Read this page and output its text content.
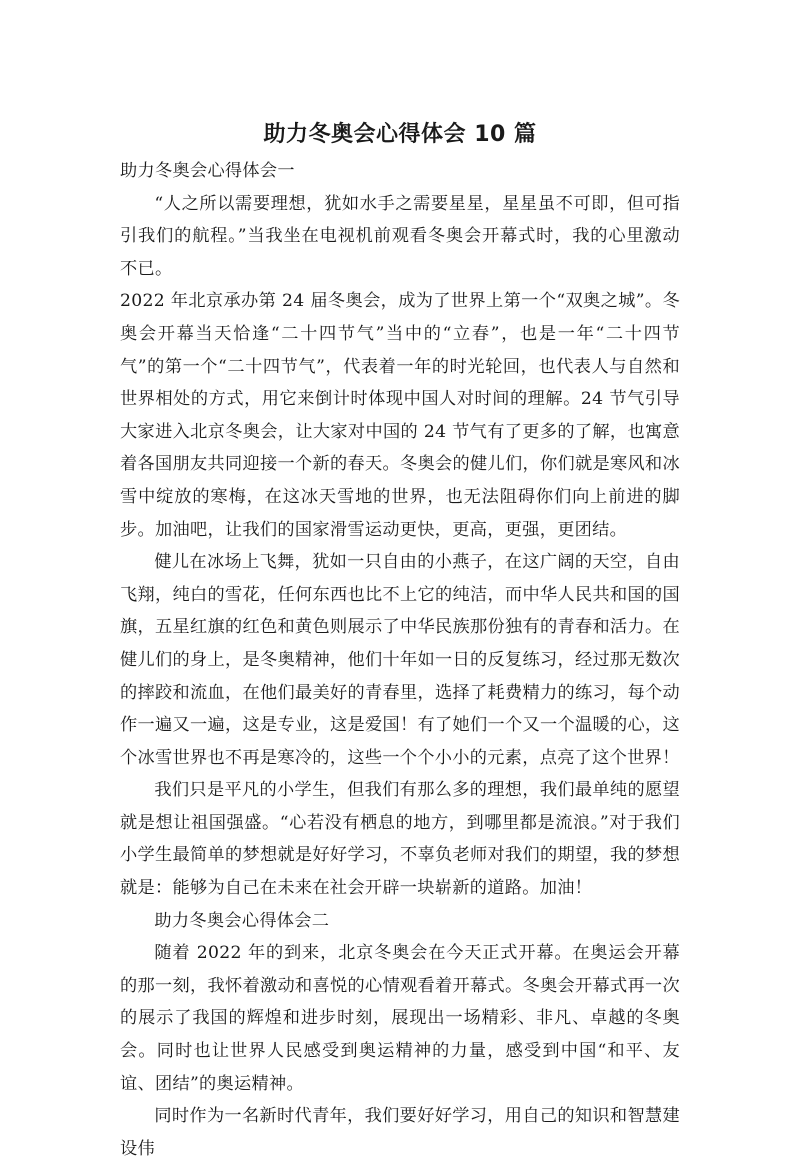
助力冬奥会心得体会 10 篇

助力冬奥会心得体会一

“人之所以需要理想，犹如水手之需要星星，星星虽不可即，但可指引我们的航程。”当我坐在电视机前观看冬奥会开幕式时，我的心里激动不已。

2022 年北京承办第 24 届冬奥会，成为了世界上第一个“双奥之城”。冬奥会开幕当天恰逢“二十四节气”当中的“立春”，也是一年“二十四节气”的第一个“二十四节气”，代表着一年的时光轮回，也代表人与自然和世界相处的方式，用它来倒计时体现中国人对时间的理解。24 节气引导大家进入北京冬奥会，让大家对中国的 24 节气有了更多的了解，也寓意着各国朋友共同迎接一个新的春天。冬奥会的健儿们，你们就是寒风和冰雪中绽放的寒梅，在这冰天雪地的世界，也无法阻碍你们向上前进的脚步。加油吧，让我们的国家滑雪运动更快，更高，更强，更团结。

健儿在冰场上飞舞，犹如一只自由的小燕子，在这广阔的天空，自由飞翔，纯白的雪花，任何东西也比不上它的纯洁，而中华人民共和国的国旗，五星红旗的红色和黄色则展示了中华民族那份独有的青春和活力。在健儿们的身上，是冬奥精神，他们十年如一日的反复练习，经过那无数次的摔跤和流血，在他们最美好的青春里，选择了耗费精力的练习，每个动作一遍又一遍，这是专业，这是爱国！有了她们一个又一个温暖的心，这个冰雪世界也不再是寒冷的，这些一个个小小的元素，点亮了这个世界！

我们只是平凡的小学生，但我们有那么多的理想，我们最单纯的愿望就是想让祖国强盛。“心若没有栖息的地方，到哪里都是流浪。”对于我们小学生最简单的梦想就是好好学习，不辜负老师对我们的期望，我的梦想就是：能够为自己在未来在社会开辟一块崭新的道路。加油！

助力冬奥会心得体会二

随着 2022 年的到来，北京冬奥会在今天正式开幕。在奥运会开幕的那一刻，我怀着激动和喜悦的心情观看着开幕式。冬奥会开幕式再一次的展示了我国的辉煌和进步时刻，展现出一场精彩、非凡、卓越的冬奥会。同时也让世界人民感受到奥运精神的力量，感受到中国“和平、友谊、团结”的奥运精神。

同时作为一名新时代青年，我们要好好学习，用自己的知识和智慧建设伟
